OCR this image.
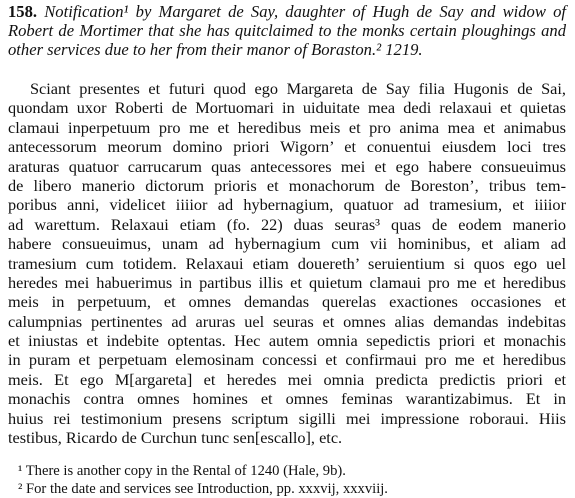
158. Notification¹ by Margaret de Say, daughter of Hugh de Say and widow of Robert de Mortimer that she has quitclaimed to the monks certain ploughings and other services due to her from their manor of Boraston.² 1219.

Sciant presentes et futuri quod ego Margareta de Say filia Hugonis de Sai,
quondam uxor Roberti de Mortuomari in uiduitate mea dedi relaxaui et quietas
clamaui inperpetuum pro me et heredibus meis et pro anima mea et animabus
antecessorum meorum domino priori Wigorn’ et conuentui eiusdem loci tres
araturas quatuor carrucarum quas antecessores mei et ego habere consueuimus
de libero manerio dictorum prioris et monachorum de Boreston’, tribus tem-
poribus anni, videlicet iiiior ad hybernagium, quatuor ad tramesium, et iiiior
ad warettum. Relaxaui etiam (fo. 22) duas seuras³ quas de eodem manerio
habere consueuimus, unam ad hybernagium cum vii hominibus, et aliam ad
tramesium cum totidem. Relaxaui etiam douereth’ seruientium si quos ego uel
heredes mei habuerimus in partibus illis et quietum clamaui pro me et heredibus
meis in perpetuum, et omnes demandas querelas exactiones occasiones et
calumpnias pertinentes ad aruras uel seuras et omnes alias demandas indebitas
et iniustas et indebite optentas. Hec autem omnia sepedictis priori et monachis
in puram et perpetuam elemosinam concessi et confirmaui pro me et heredibus
meis. Et ego M[argareta] et heredes mei omnia predicta predictis priori et
monachis contra omnes homines et omnes feminas warantizabimus. Et in
huius rei testimonium presens scriptum sigilli mei impressione roboraui. Hiis
testibus, Ricardo de Curchun tunc sen[escallo], etc.
¹ There is another copy in the Rental of 1240 (Hale, 9b).
² For the date and services see Introduction, pp. xxxvij, xxxviij.
